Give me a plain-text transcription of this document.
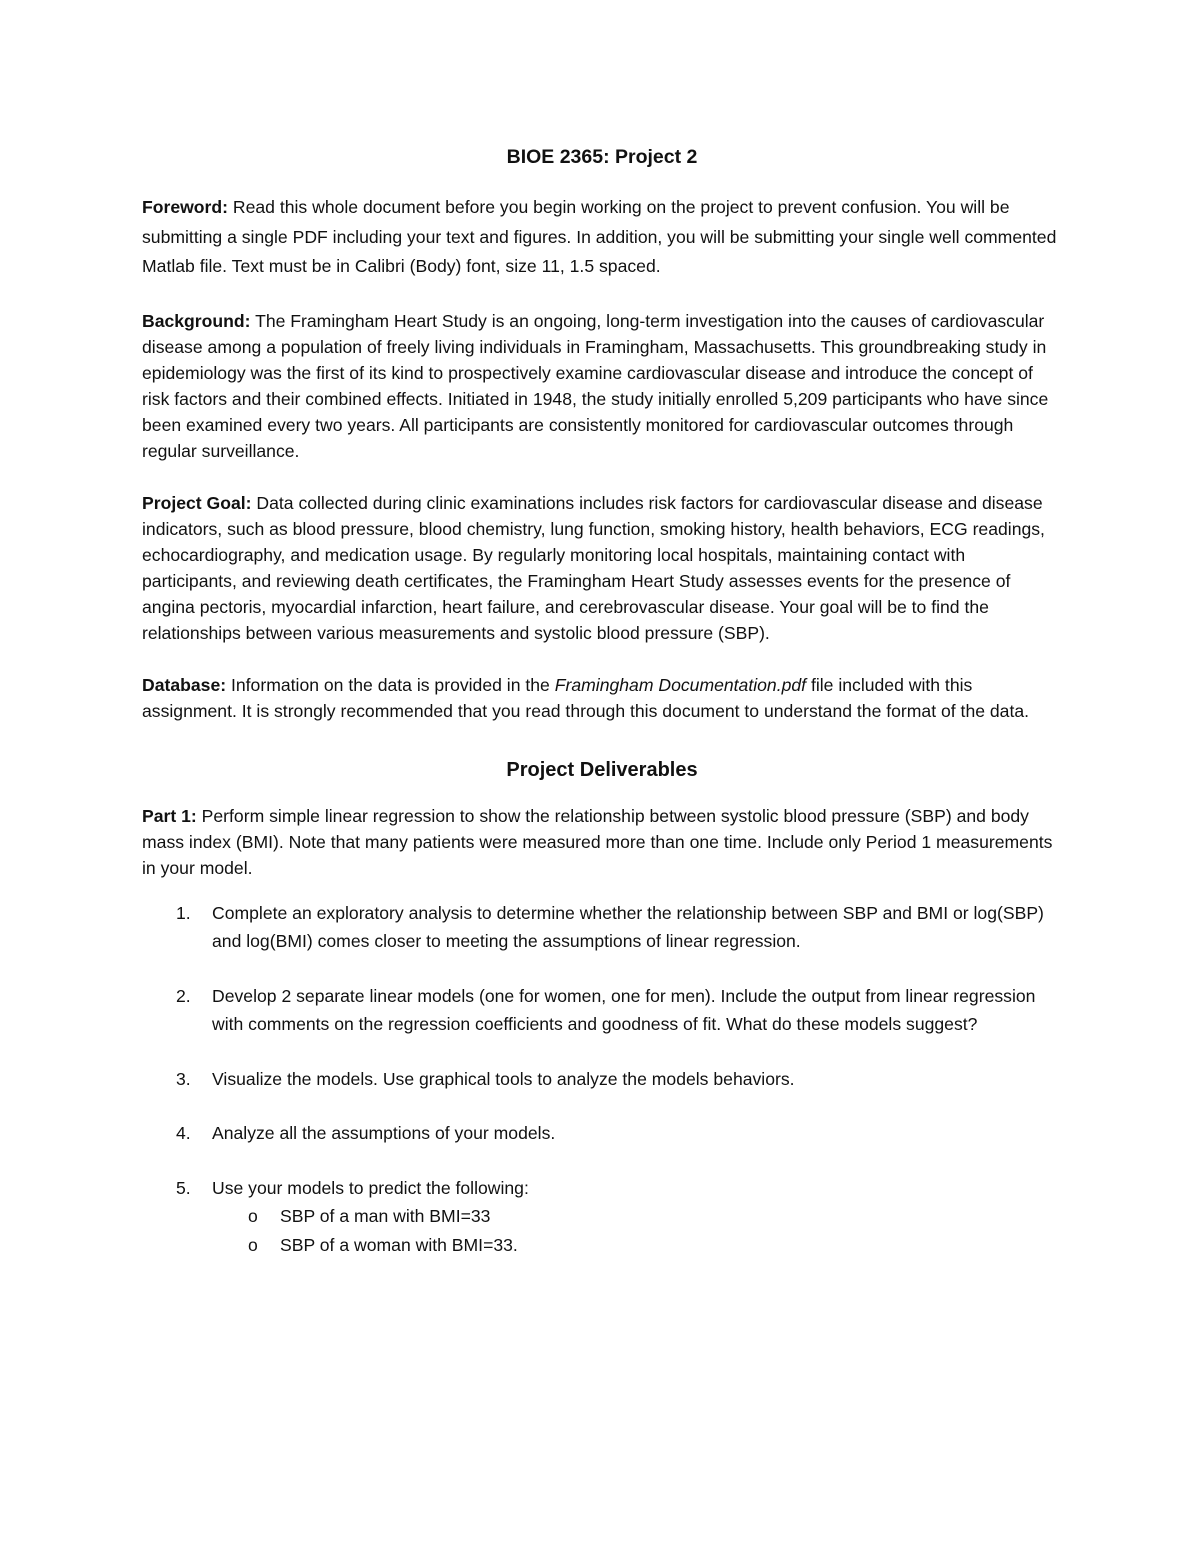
BIOE 2365: Project 2

Foreword: Read this whole document before you begin working on the project to prevent confusion. You will be submitting a single PDF including your text and figures. In addition, you will be submitting your single well commented Matlab file. Text must be in Calibri (Body) font, size 11, 1.5 spaced.

Background: The Framingham Heart Study is an ongoing, long-term investigation into the causes of cardiovascular disease among a population of freely living individuals in Framingham, Massachusetts. This groundbreaking study in epidemiology was the first of its kind to prospectively examine cardiovascular disease and introduce the concept of risk factors and their combined effects. Initiated in 1948, the study initially enrolled 5,209 participants who have since been examined every two years. All participants are consistently monitored for cardiovascular outcomes through regular surveillance.

Project Goal: Data collected during clinic examinations includes risk factors for cardiovascular disease and disease indicators, such as blood pressure, blood chemistry, lung function, smoking history, health behaviors, ECG readings, echocardiography, and medication usage. By regularly monitoring local hospitals, maintaining contact with participants, and reviewing death certificates, the Framingham Heart Study assesses events for the presence of angina pectoris, myocardial infarction, heart failure, and cerebrovascular disease. Your goal will be to find the relationships between various measurements and systolic blood pressure (SBP).

Database: Information on the data is provided in the Framingham Documentation.pdf file included with this assignment. It is strongly recommended that you read through this document to understand the format of the data.

Project Deliverables

Part 1: Perform simple linear regression to show the relationship between systolic blood pressure (SBP) and body mass index (BMI). Note that many patients were measured more than one time. Include only Period 1 measurements in your model.

1. Complete an exploratory analysis to determine whether the relationship between SBP and BMI or log(SBP) and log(BMI) comes closer to meeting the assumptions of linear regression.
2. Develop 2 separate linear models (one for women, one for men). Include the output from linear regression with comments on the regression coefficients and goodness of fit. What do these models suggest?
3. Visualize the models. Use graphical tools to analyze the models behaviors.
4. Analyze all the assumptions of your models.
5. Use your models to predict the following:
o SBP of a man with BMI=33
o SBP of a woman with BMI=33.
